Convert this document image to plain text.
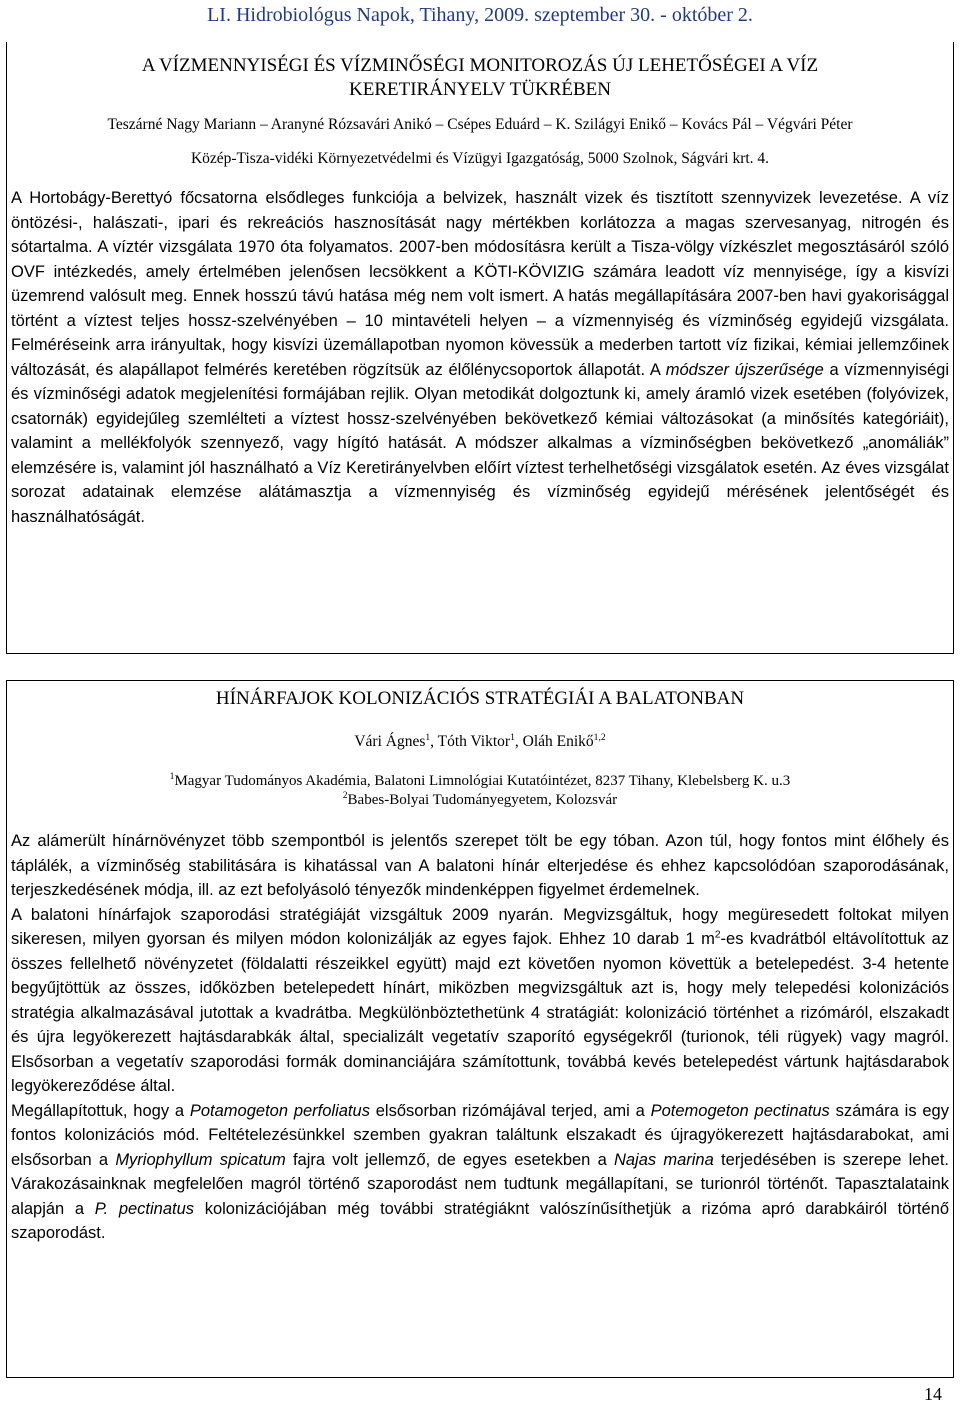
LI. Hidrobiológus Napok, Tihany, 2009. szeptember 30. - október 2.

A VÍZMENNYISÉGI ÉS VÍZMINŐSÉGI MONITOROZÁS ÚJ LEHETŐSÉGEI A VÍZ KERETIRÁNYELV TÜKRÉBEN

Teszárné Nagy Mariann – Aranyné Rózsavári Anikó – Csépes Eduárd – K. Szilágyi Enikő – Kovács Pál – Végvári Péter

Közép-Tisza-vidéki Környezetvédelmi és Vízügyi Igazgatóság, 5000 Szolnok, Ságvári krt. 4.

A Hortobágy-Berettyó főcsatorna elsődleges funkciója a belvizek, használt vizek és tisztított szennyvizek levezetése. A víz öntözési-, halászati-, ipari és rekreációs hasznosítását nagy mértékben korlátozza a magas szervesanyag, nitrogén és sótartalma. A víztér vizsgálata 1970 óta folyamatos. 2007-ben módosításra került a Tisza-völgy vízkészlet megosztásáról szóló OVF intézkedés, amely értelmében jelenősen lecsökkent a KÖTI-KÖVIZIG számára leadott víz mennyisége, így a kisvízi üzemrend valósult meg. Ennek hosszú távú hatása még nem volt ismert. A hatás megállapítására 2007-ben havi gyakorisággal történt a víztest teljes hossz-szelvényében – 10 mintavételi helyen – a vízmennyiség és vízminőség egyidejű vizsgálata. Felméréseink arra irányultak, hogy kisvízi üzemállapotban nyomon kövessük a mederben tartott víz fizikai, kémiai jellemzőinek változását, és alapállapot felmérés keretében rögzítsük az élőlénycsoportok állapotát. A módszer újszerűsége a vízmennyiségi és vízminőségi adatok megjelenítési formájában rejlik. Olyan metodikát dolgoztunk ki, amely áramló vizek esetében (folyóvizek, csatornák) egyidejűleg szemlélteti a víztest hossz-szelvényében bekövetkező kémiai változásokat (a minősítés kategóriáit), valamint a mellékfolyók szennyező, vagy hígító hatását. A módszer alkalmas a vízminőségben bekövetkező „anomáliák” elemzésére is, valamint jól használható a Víz Keretirányelvben előírt víztest terhelhetőségi vizsgálatok esetén. Az éves vizsgálat sorozat adatainak elemzése alátámasztja a vízmennyiség és vízminőség egyidejű mérésének jelentőségét és használhatóságát.

HÍNÁRFAJOK KOLONIZÁCIÓS STRATÉGIÁI A BALATONBAN

Vári Ágnes$^1$, Tóth Viktor$^1$, Oláh Enikő$^{1,2}$

$^1$Magyar Tudományos Akadémia, Balatoni Limnológiai Kutatóintézet, 8237 Tihany, Klebelsberg K. u.3

$^2$Babes-Bolyai Tudományegyetem, Kolozsvár

Az alámerült hínárnövényzet több szempontból is jelentős szerepet tölt be egy tóban. Azon túl, hogy fontos mint élőhely és táplálék, a vízminőség stabilitására is kihatással van A balatoni hínár elterjedése és ehhez kapcsolódóan szaporodásának, terjeszkedésének módja, ill. az ezt befolyásoló tényezők mindenképpen figyelmet érdemelnek.

A balatoni hínárfajok szaporodási stratégiáját vizsgáltuk 2009 nyarán. Megvizsgáltuk, hogy megüresedett foltokat milyen sikeresen, milyen gyorsan és milyen módon kolonizálják az egyes fajok. Ehhez 10 darab 1 $m^2-es$ kvadrátból eltávolítottuk az összes fellelhető növényzetet (földalatti részeikkel együtt) majd ezt követően nyomon követtük a betelepedést. 3-4 hetente begyűjtöttük az összes, időközben betelepedett hínárt, miközben megvizsgáltuk azt is, hogy mely telepedési kolonizációs stratégia alkalmazásával jutottak a kvadrátba. Megkülönböztethetünk 4 stratágiát: kolonizáció történhet a rizómáról, elszakadt és újra legyökerezett hajtásdarabkák által, specializált vegetatív szaporító egységekről (turionok, téli rügyek) vagy magról. Elsősorban a vegetatív szaporodási formák dominanciájára számítottunk, továbbá kevés betelepedést vártunk hajtásdarabok legyökereződése által.

Megállapítottuk, hogy a Potamogeton perfoliatus elsősorban rizómájával terjed, ami a Potemogeton pectinatus számára is egy fontos kolonizációs mód. Feltételezésünkkel szemben gyakran találtunk elszakadt és újragyökerezett hajtásdarabokat, ami elsősorban a Myriophyllum spicatum fajra volt jellemző, de egyes esetekben a Najas marina terjedésében is szerepe lehet. Várakozásainknak megfelelően magról történő szaporodást nem tudtunk megállapítani, se turionról történőt. Tapasztalataink alapján a P. pectinatus kolonizációjában még további stratégiáknt valószínűsíthetjük a rizóma apró darabkáiról történő szaporodást.

14
